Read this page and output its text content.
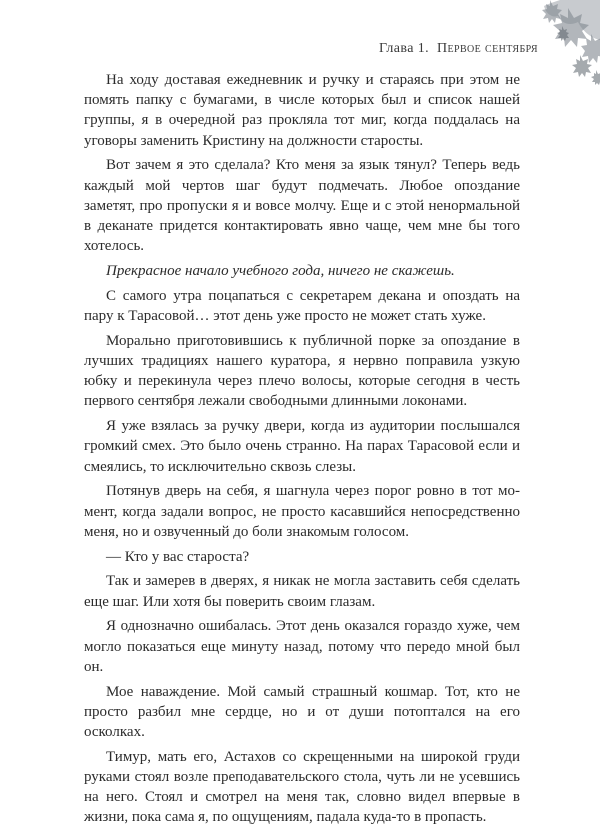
Глава 1. Первое сентября

На ходу доставая ежедневник и ручку и стараясь при этом не помять папку с бумагами, в числе которых был и список нашей группы, я в очередной раз прокляла тот миг, когда поддалась на уговоры заменить Кристину на должности старосты.

Вот зачем я это сделала? Кто меня за язык тянул? Теперь ведь каждый мой чертов шаг будут подмечать. Любое опоздание заметят, про пропуски я и вовсе молчу. Еще и с этой ненормальной в деканате придется контактировать явно чаще, чем мне бы того хотелось.

Прекрасное начало учебного года, ничего не скажешь.

С самого утра поцапаться с секретарем декана и опоздать на пару к Тарасовой… этот день уже просто не может стать хуже.

Морально приготовившись к публичной порке за опоздание в лучших традициях нашего куратора, я нервно поправила узкую юбку и перекинула через плечо волосы, которые сегодня в честь первого сентября лежали свободными длинными локонами.

Я уже взялась за ручку двери, когда из аудитории послышался громкий смех. Это было очень странно. На парах Тарасовой если и смеялись, то исключительно сквозь слезы.

Потянув дверь на себя, я шагнула через порог ровно в тот момент, когда задали вопрос, не просто касавшийся непосредственно меня, но и озвученный до боли знакомым голосом.

— Кто у вас староста?

Так и замерев в дверях, я никак не могла заставить себя сделать еще шаг. Или хотя бы поверить своим глазам.

Я однозначно ошибалась. Этот день оказался гораздо хуже, чем могло показаться еще минуту назад, потому что передо мной был он.

Мое наваждение. Мой самый страшный кошмар. Тот, кто не просто разбил мне сердце, но и от души потоптался на его осколках.

Тимур, мать его, Астахов со скрещенными на широкой груди руками стоял возле преподавательского стола, чуть ли не усевшись на него. Стоял и смотрел на меня так, словно видел впервые в жизни, пока сама я, по ощущениям, падала куда-то в пропасть.
